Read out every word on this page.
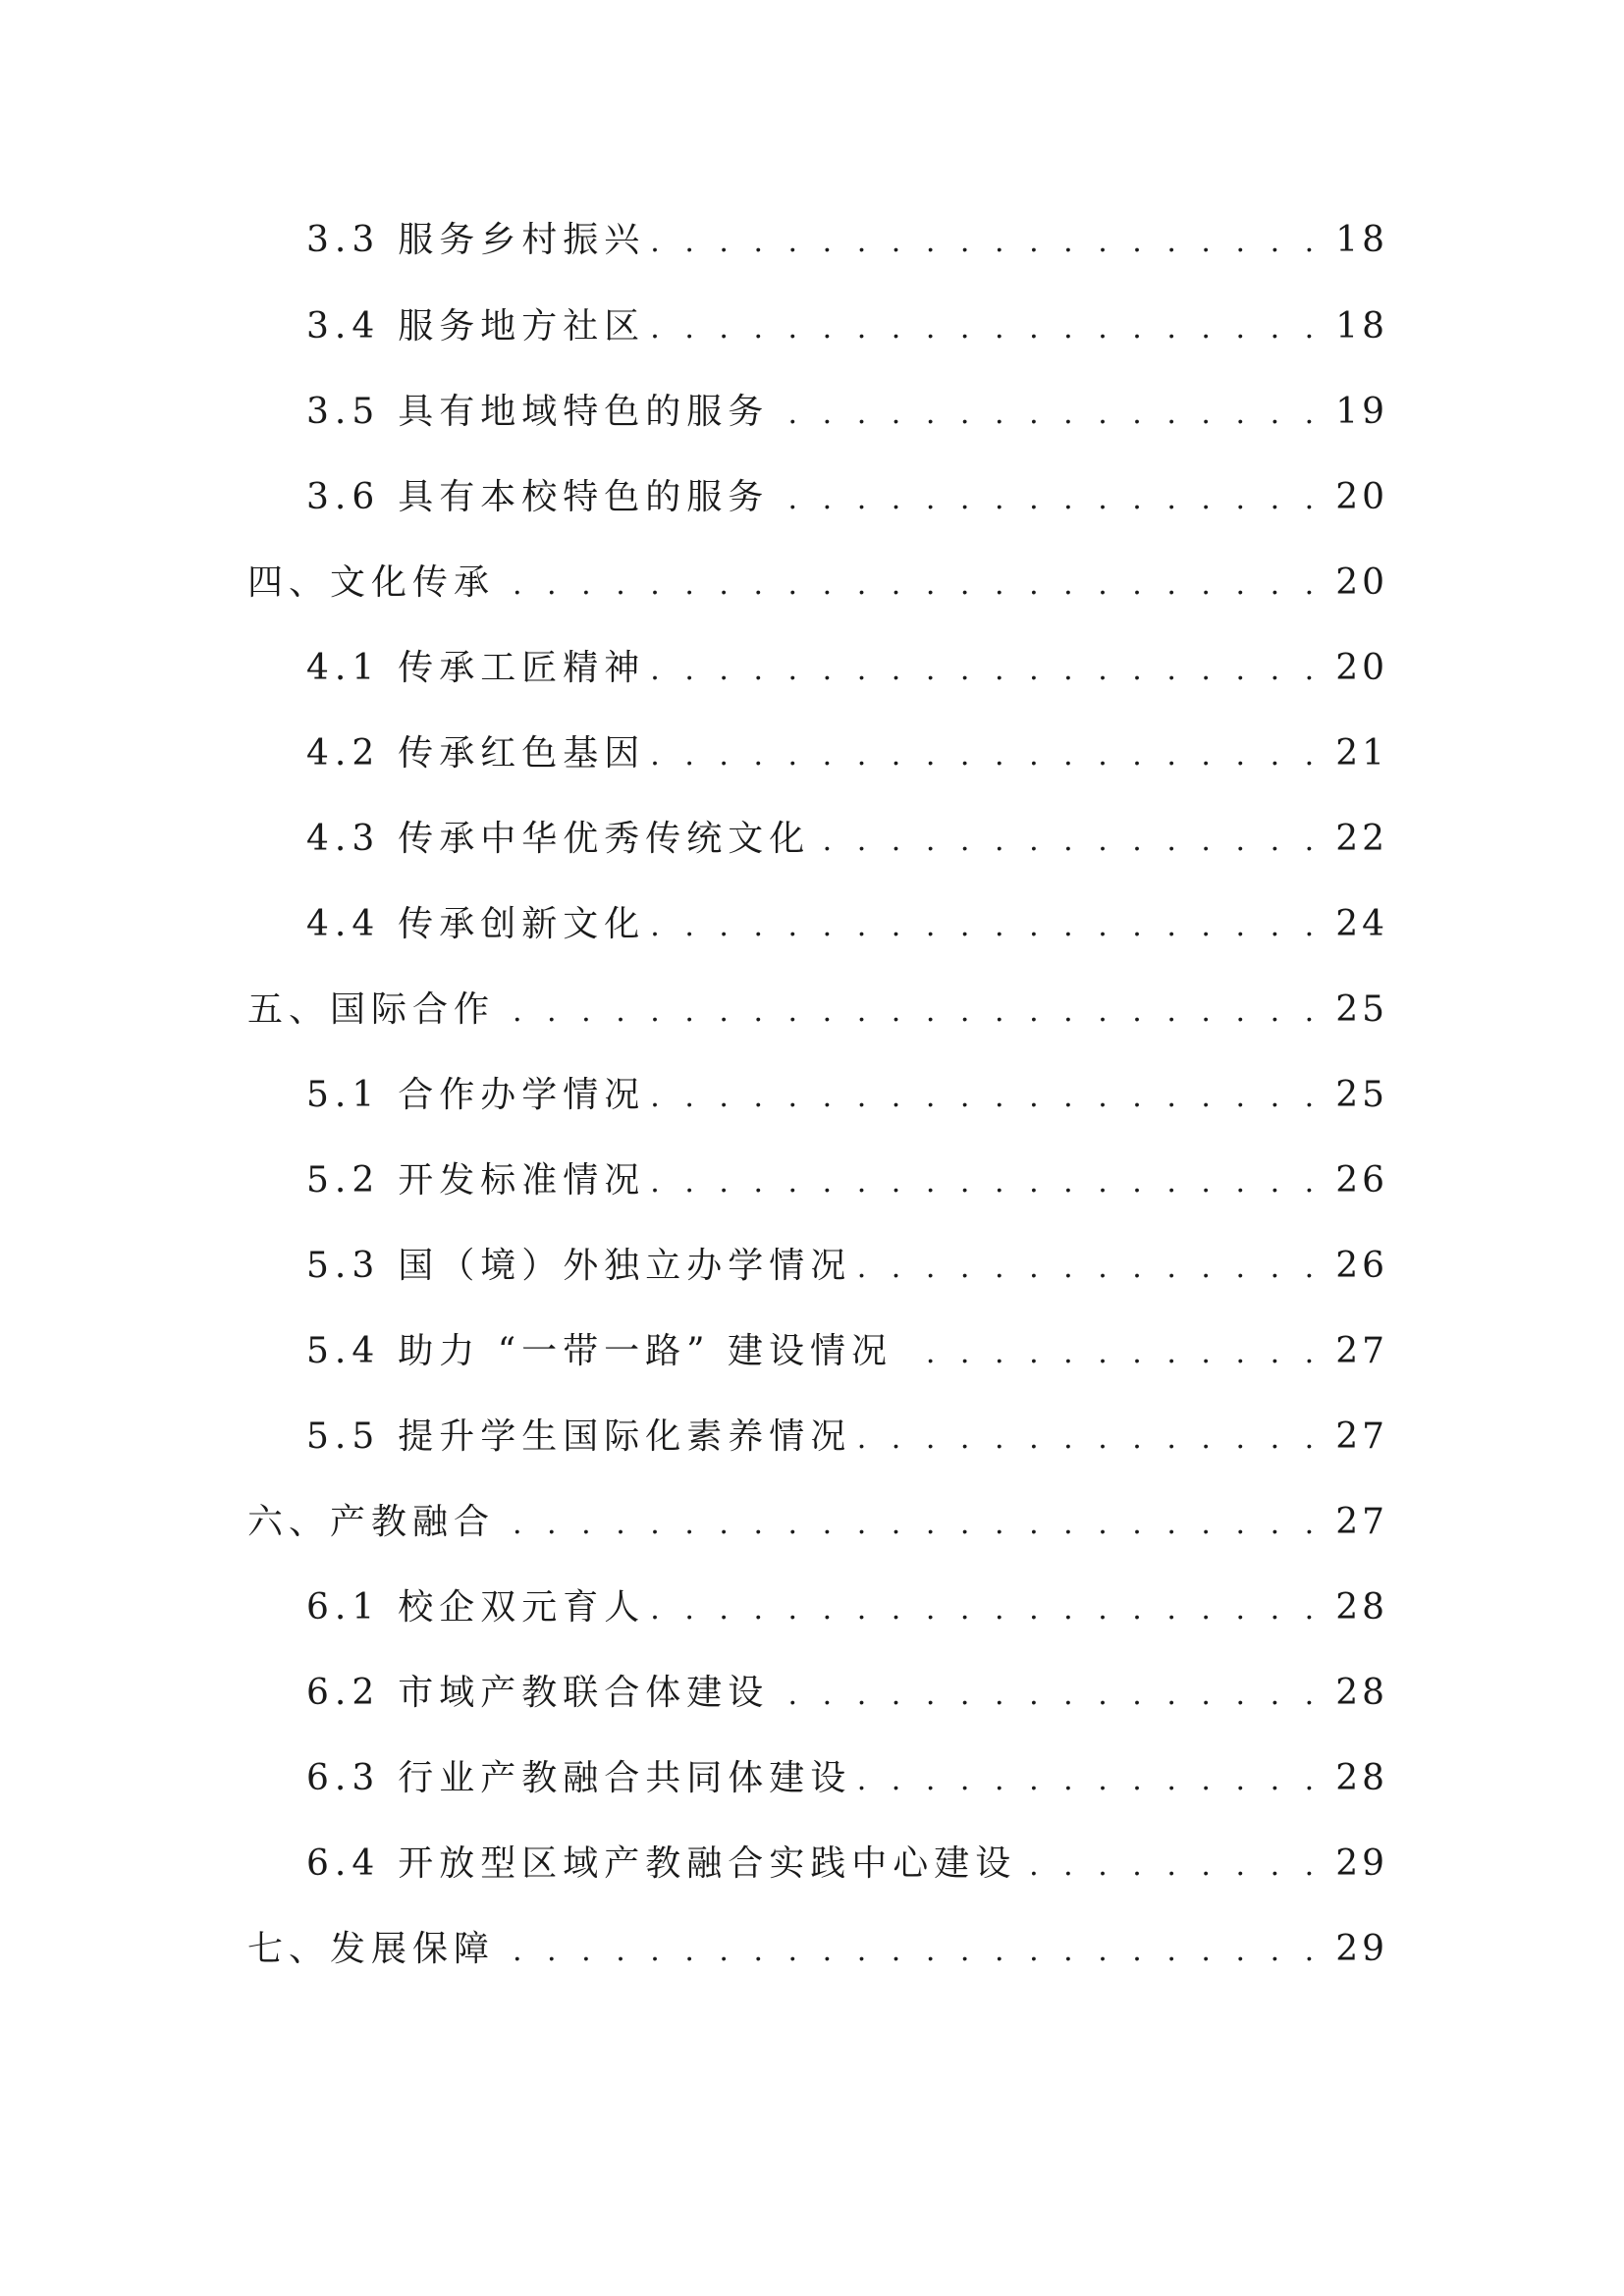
3.3 服务乡村振兴 . . .	18
3.4 服务地方社区 . . .	18
3.5 具有地域特色的服务 . . .	19
3.6 具有本校特色的服务 . . .	20
四、文化传承 . . .	20
4.1 传承工匠精神 . . .	20
4.2 传承红色基因 . . .	21
4.3 传承中华优秀传统文化 . . .	22
4.4 传承创新文化 . . .	24
五、国际合作 . . .	25
5.1 合作办学情况 . . .	25
5.2 开发标准情况 . . .	26
5.3 国（境）外独立办学情况 . . .	26
5.4 助力 “一带一路” 建设情况 . . .	27
5.5 提升学生国际化素养情况 . . .	27
六、产教融合 . . .	27
6.1 校企双元育人 . . .	28
6.2 市域产教联合体建设 . . .	28
6.3 行业产教融合共同体建设 . . .	28
6.4 开放型区域产教融合实践中心建设 . . .	29
七、发展保障 . . .	29
